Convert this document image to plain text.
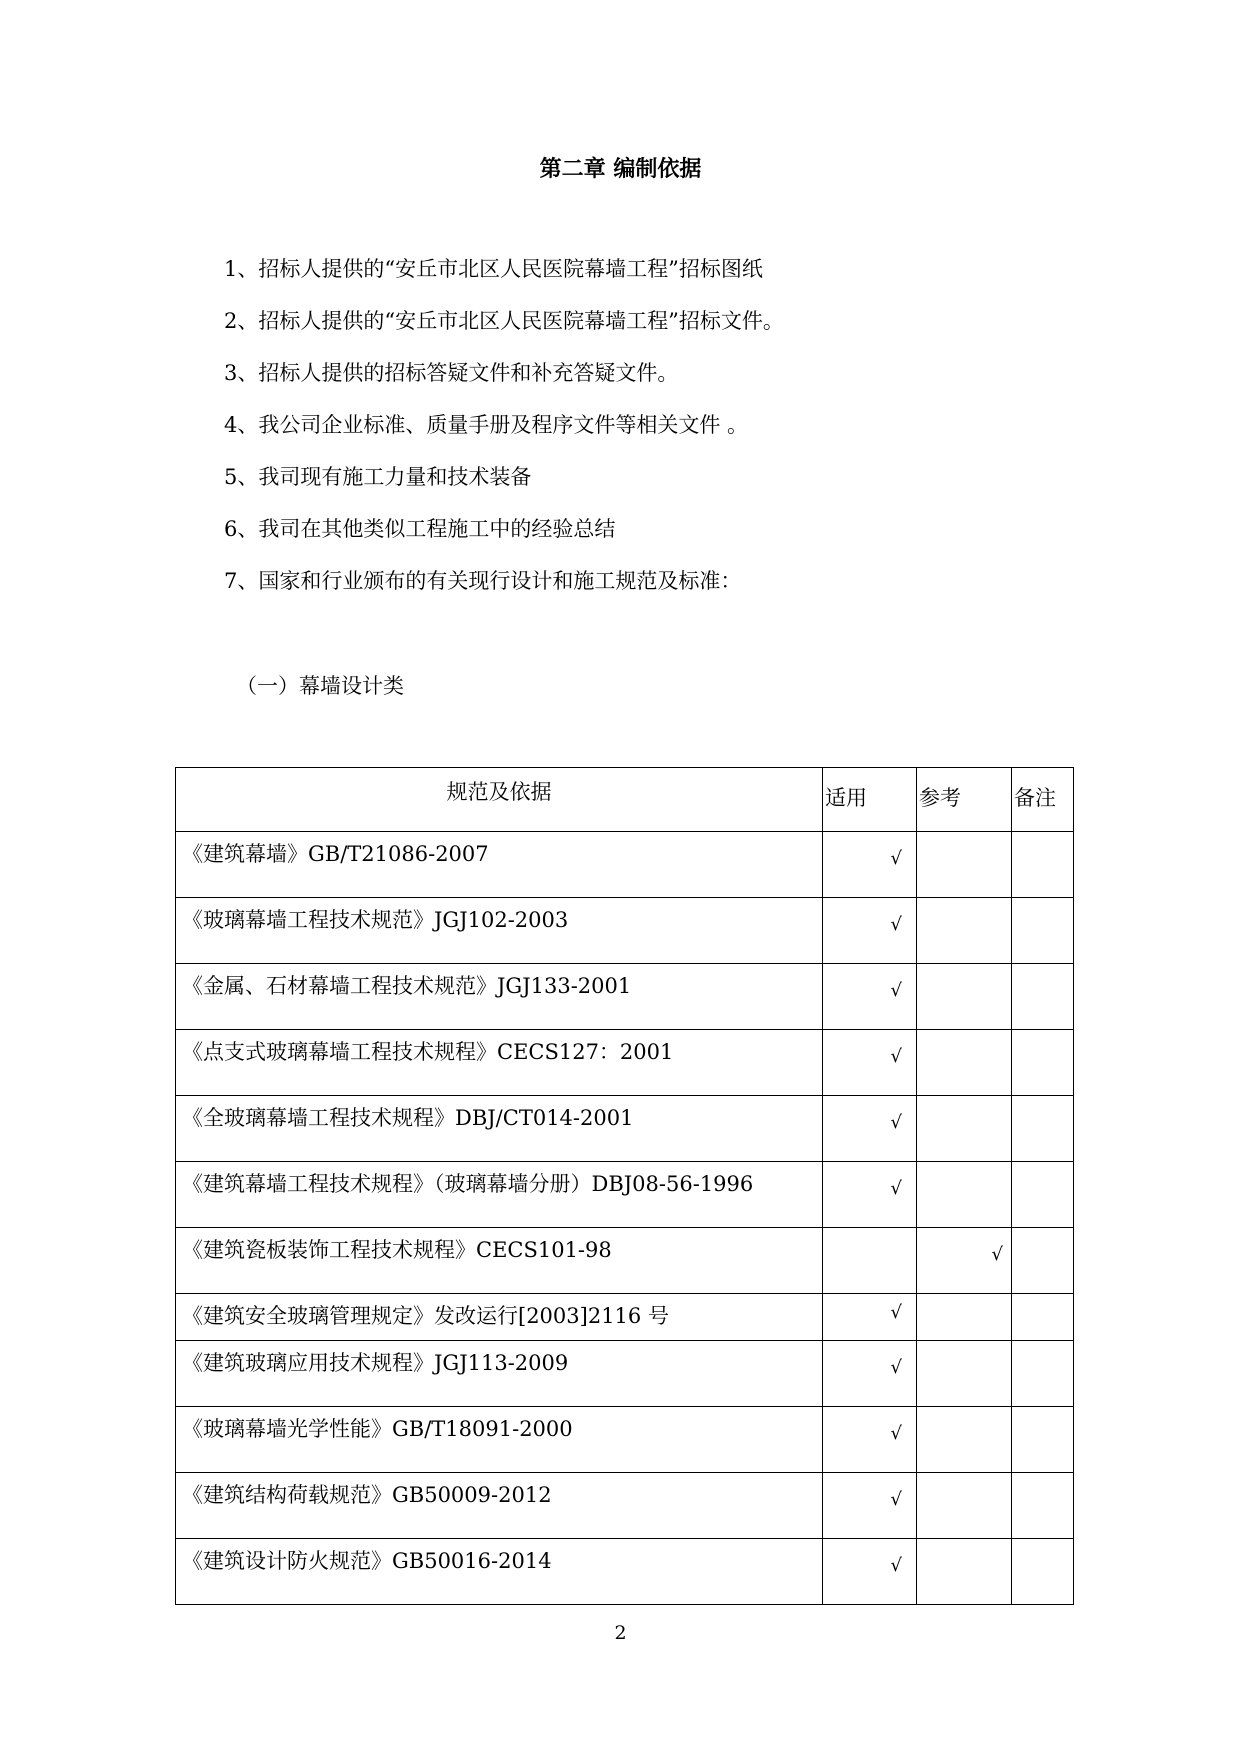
第二章 编制依据
1、招标人提供的“安丘市北区人民医院幕墙工程”招标图纸
2、招标人提供的“安丘市北区人民医院幕墙工程”招标文件。
3、招标人提供的招标答疑文件和补充答疑文件。
4、我公司企业标准、质量手册及程序文件等相关文件 。
5、我司现有施工力量和技术装备
6、我司在其他类似工程施工中的经验总结
7、国家和行业颁布的有关现行设计和施工规范及标准：
（一）幕墙设计类
规范及依据	适用	参考	备注
《建筑幕墙》GB/T21086-2007	√		
《玻璃幕墙工程技术规范》JGJ102-2003	√		
《金属、石材幕墙工程技术规范》JGJ133-2001	√		
《点支式玻璃幕墙工程技术规程》CECS127：2001	√		
《全玻璃幕墙工程技术规程》DBJ/CT014-2001	√		
《建筑幕墙工程技术规程》（玻璃幕墙分册）DBJ08-56-1996	√		
《建筑瓷板装饰工程技术规程》CECS101-98		√	
《建筑安全玻璃管理规定》发改运行[2003]2116 号	√		
《建筑玻璃应用技术规程》JGJ113-2009	√		
《玻璃幕墙光学性能》GB/T18091-2000	√		
《建筑结构荷载规范》GB50009-2012	√		
《建筑设计防火规范》GB50016-2014	√		
2
